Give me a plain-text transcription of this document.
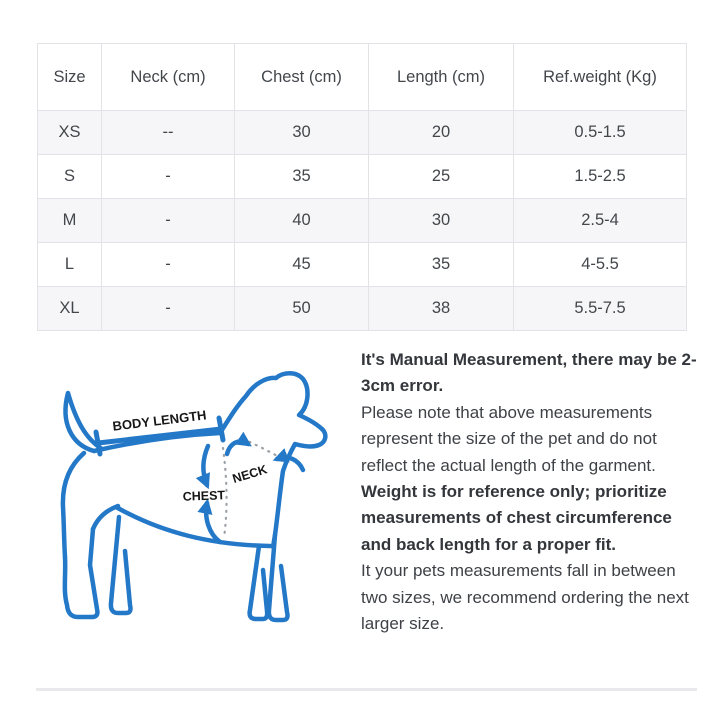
Size	Neck (cm)	Chest (cm)	Length (cm)	Ref.weight (Kg)
XS	--	30	20	0.5-1.5
S	-	35	25	1.5-2.5
M	-	40	30	2.5-4
L	-	45	35	4-5.5
XL	-	50	38	5.5-7.5
BODY LENGTH
NECK
CHEST

It's Manual Measurement, there may be 2-3cm error.

Please note that above measurements represent the size of the pet and do not reflect the actual length of the garment.

Weight is for reference only; prioritize measurements of chest circumference and back length for a proper fit.

It your pets measurements fall in between two sizes, we recommend ordering the next larger size.
